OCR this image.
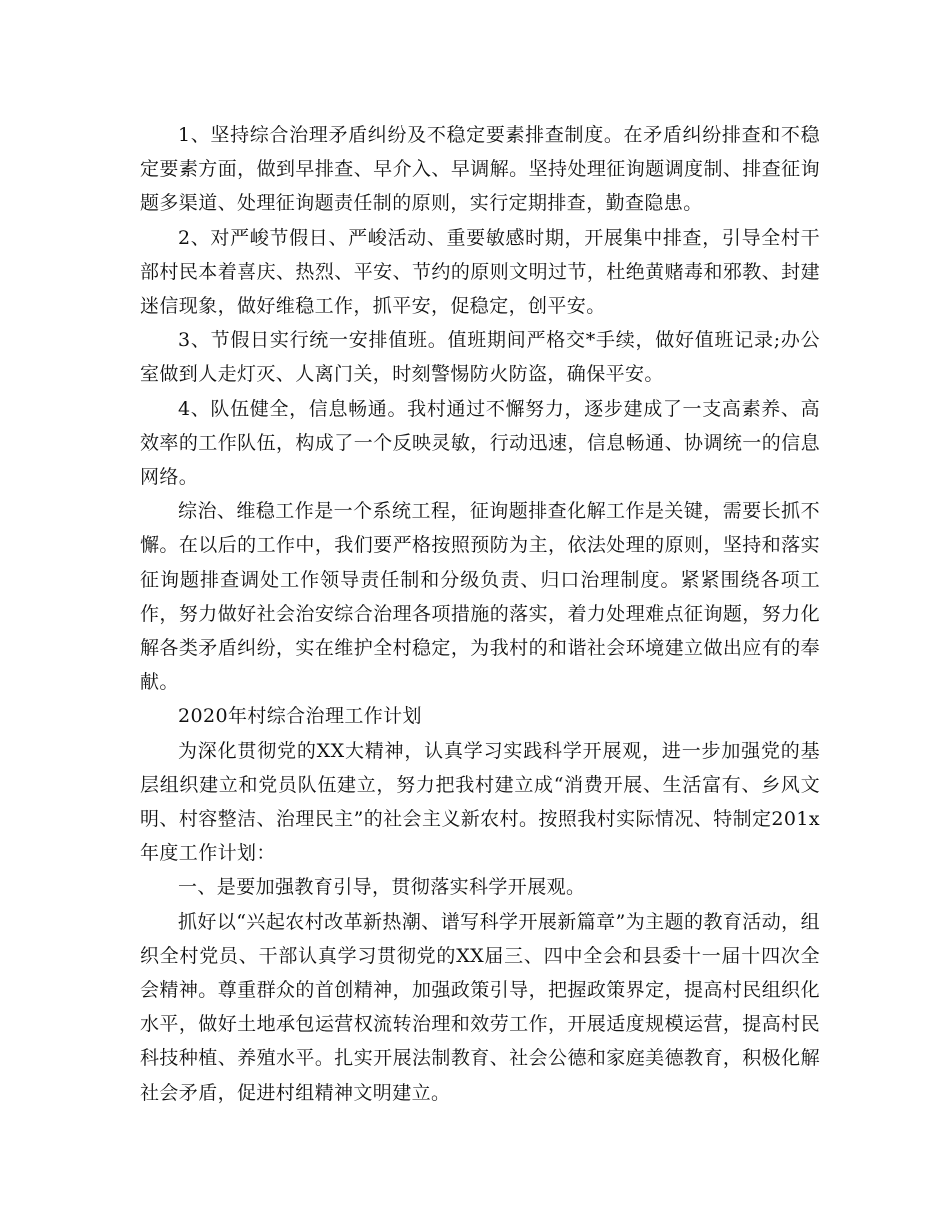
1、坚持综合治理矛盾纠纷及不稳定要素排查制度。在矛盾纠纷排查和不稳定要素方面，做到早排查、早介入、早调解。坚持处理征询题调度制、排查征询题多渠道、处理征询题责任制的原则，实行定期排查，勤查隐患。

2、对严峻节假日、严峻活动、重要敏感时期，开展集中排查，引导全村干部村民本着喜庆、热烈、平安、节约的原则文明过节，杜绝黄赌毒和邪教、封建迷信现象，做好维稳工作，抓平安，促稳定，创平安。

3、节假日实行统一安排值班。值班期间严格交*手续，做好值班记录;办公室做到人走灯灭、人离门关，时刻警惕防火防盗，确保平安。

4、队伍健全，信息畅通。我村通过不懈努力，逐步建成了一支高素养、高效率的工作队伍，构成了一个反映灵敏，行动迅速，信息畅通、协调统一的信息网络。

综治、维稳工作是一个系统工程，征询题排查化解工作是关键，需要长抓不懈。在以后的工作中，我们要严格按照预防为主，依法处理的原则，坚持和落实征询题排查调处工作领导责任制和分级负责、归口治理制度。紧紧围绕各项工作，努力做好社会治安综合治理各项措施的落实，着力处理难点征询题，努力化解各类矛盾纠纷，实在维护全村稳定，为我村的和谐社会环境建立做出应有的奉献。

2020年村综合治理工作计划

为深化贯彻党的XX大精神，认真学习实践科学开展观，进一步加强党的基层组织建立和党员队伍建立，努力把我村建立成“消费开展、生活富有、乡风文明、村容整洁、治理民主”的社会主义新农村。按照我村实际情况、特制定201x年度工作计划：

一、是要加强教育引导，贯彻落实科学开展观。

抓好以“兴起农村改革新热潮、谱写科学开展新篇章”为主题的教育活动，组织全村党员、干部认真学习贯彻党的XX届三、四中全会和县委十一届十四次全会精神。尊重群众的首创精神，加强政策引导，把握政策界定，提高村民组织化水平，做好土地承包运营权流转治理和效劳工作，开展适度规模运营，提高村民科技种植、养殖水平。扎实开展法制教育、社会公德和家庭美德教育，积极化解社会矛盾，促进村组精神文明建立。
